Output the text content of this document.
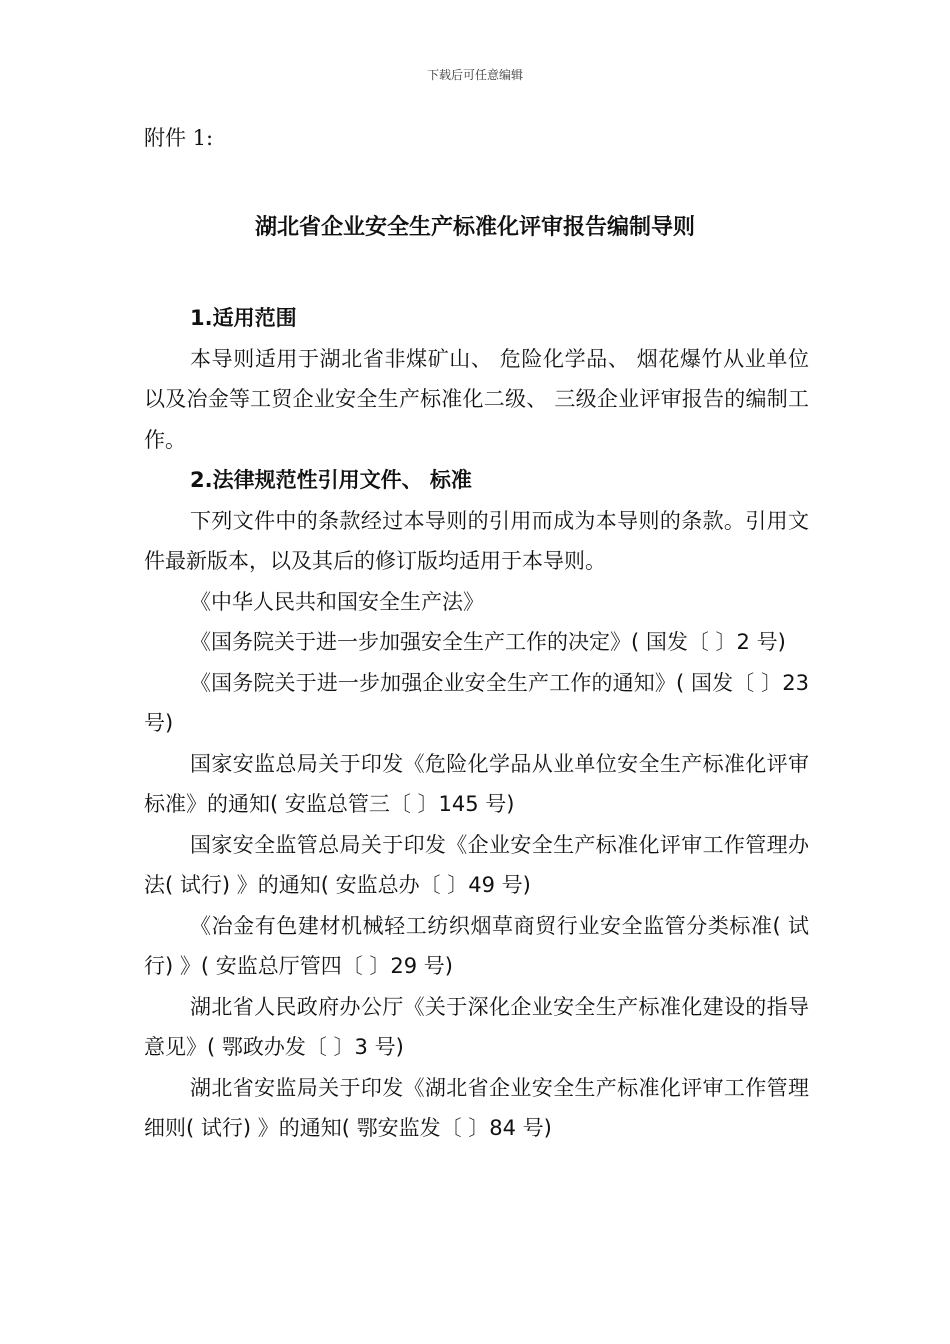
下载后可任意编辑
附件 1:
湖北省企业安全生产标准化评审报告编制导则

1.适用范围

本导则适用于湖北省非煤矿山、 危险化学品、 烟花爆竹从业单位以及冶金等工贸企业安全生产标准化二级、 三级企业评审报告的编制工作。

2.法律规范性引用文件、 标准

下列文件中的条款经过本导则的引用而成为本导则的条款。引用文件最新版本，以及其后的修订版均适用于本导则。

《中华人民共和国安全生产法》

《国务院关于进一步加强安全生产工作的决定》( 国发〔 〕2 号)

《国务院关于进一步加强企业安全生产工作的通知》( 国发〔 〕23 号)

国家安监总局关于印发《危险化学品从业单位安全生产标准化评审标准》的通知( 安监总管三〔 〕145 号)

国家安全监管总局关于印发《企业安全生产标准化评审工作管理办法( 试行) 》的通知( 安监总办〔 〕49 号)

《冶金有色建材机械轻工纺织烟草商贸行业安全监管分类标准( 试行) 》( 安监总厅管四〔 〕29 号)

湖北省人民政府办公厅《关于深化企业安全生产标准化建设的指导意见》( 鄂政办发〔 〕3 号)

湖北省安监局关于印发《湖北省企业安全生产标准化评审工作管理细则( 试行) 》的通知( 鄂安监发〔 〕84 号)
